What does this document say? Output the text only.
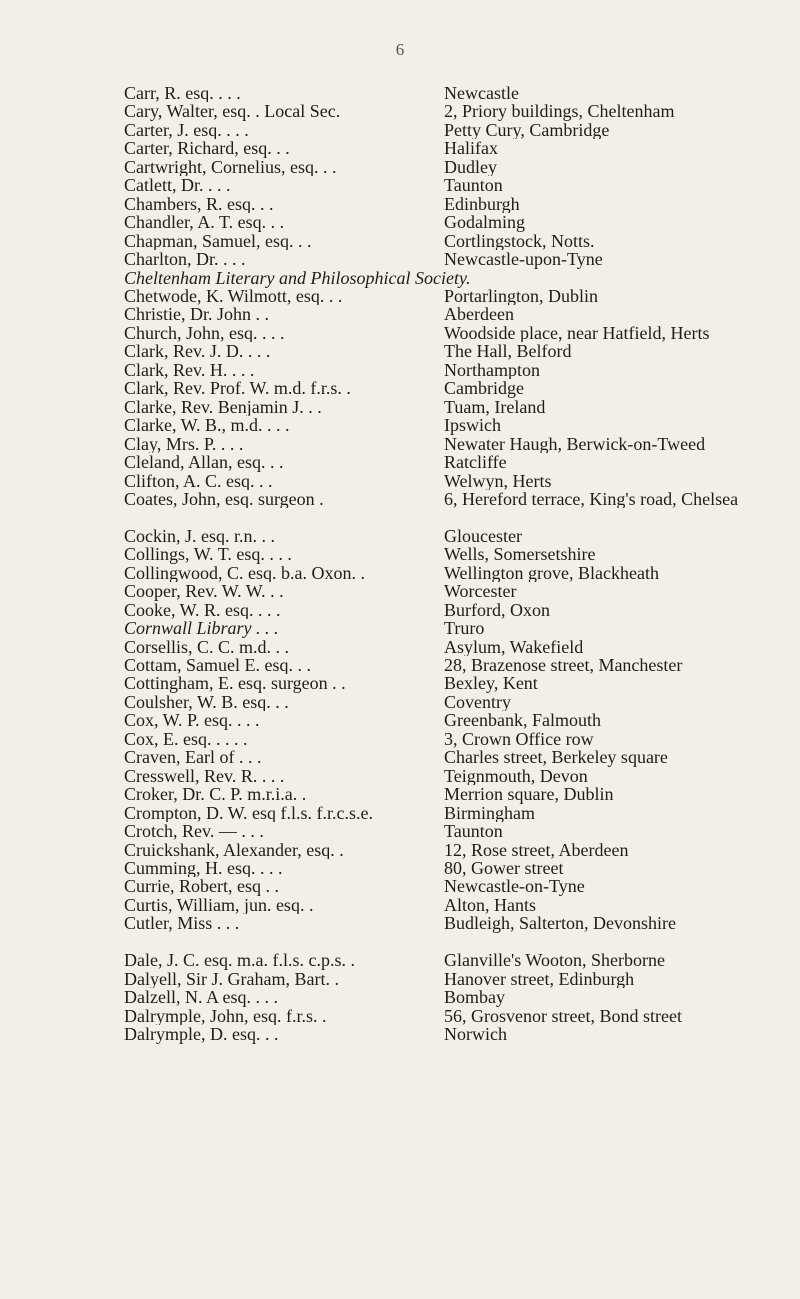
6
Carr, R. esq. . . .	Newcastle
Cary, Walter, esq. . Local Sec.	2, Priory buildings, Cheltenham
Carter, J. esq. . . .	Petty Cury, Cambridge
Carter, Richard, esq. . .	Halifax
Cartwright, Cornelius, esq. . .	Dudley
Catlett, Dr. . . .	Taunton
Chambers, R. esq. . .	Edinburgh
Chandler, A. T. esq. . .	Godalming
Chapman, Samuel, esq. . .	Cortlingstock, Notts.
Charlton, Dr. . . .	Newcastle-upon-Tyne
Cheltenham Literary and Philosophical Society.
Chetwode, K. Wilmott, esq. . .	Portarlington, Dublin
Christie, Dr. John . .	Aberdeen
Church, John, esq. . . .	Woodside place, near Hatfield, Herts
Clark, Rev. J. D. . . .	The Hall, Belford
Clark, Rev. H. . . .	Northampton
Clark, Rev. Prof. W. m.d. f.r.s. .	Cambridge
Clarke, Rev. Benjamin J. . .	Tuam, Ireland
Clarke, W. B., m.d. . . .	Ipswich
Clay, Mrs. P. . . .	Newater Haugh, Berwick-on-Tweed
Cleland, Allan, esq. . .	Ratcliffe
Clifton, A. C. esq. . .	Welwyn, Herts
Coates, John, esq. surgeon .	6, Hereford terrace, King's road, Chelsea
Cockin, J. esq. r.n. . .	Gloucester
Collings, W. T. esq. . . .	Wells, Somersetshire
Collingwood, C. esq. b.a. Oxon. .	Wellington grove, Blackheath
Cooper, Rev. W. W. . .	Worcester
Cooke, W. R. esq. . . .	Burford, Oxon
Cornwall Library . . .	Truro
Corsellis, C. C. m.d. . .	Asylum, Wakefield
Cottam, Samuel E. esq. . .	28, Brazenose street, Manchester
Cottingham, E. esq. surgeon . .	Bexley, Kent
Coulsher, W. B. esq. . .	Coventry
Cox, W. P. esq. . . .	Greenbank, Falmouth
Cox, E. esq. . . . .	3, Crown Office row
Craven, Earl of . . .	Charles street, Berkeley square
Cresswell, Rev. R. . . .	Teignmouth, Devon
Croker, Dr. C. P. m.r.i.a. .	Merrion square, Dublin
Crompton, D. W. esq f.l.s. f.r.c.s.e.	Birmingham
Crotch, Rev. — . . .	Taunton
Cruickshank, Alexander, esq. .	12, Rose street, Aberdeen
Cumming, H. esq. . . .	80, Gower street
Currie, Robert, esq . .	Newcastle-on-Tyne
Curtis, William, jun. esq. .	Alton, Hants
Cutler, Miss . . .	Budleigh, Salterton, Devonshire
Dale, J. C. esq. m.a. f.l.s. c.p.s. .	Glanville's Wooton, Sherborne
Dalyell, Sir J. Graham, Bart. .	Hanover street, Edinburgh
Dalzell, N. A esq. . . .	Bombay
Dalrymple, John, esq. f.r.s. .	56, Grosvenor street, Bond street
Dalrymple, D. esq. . .	Norwich
